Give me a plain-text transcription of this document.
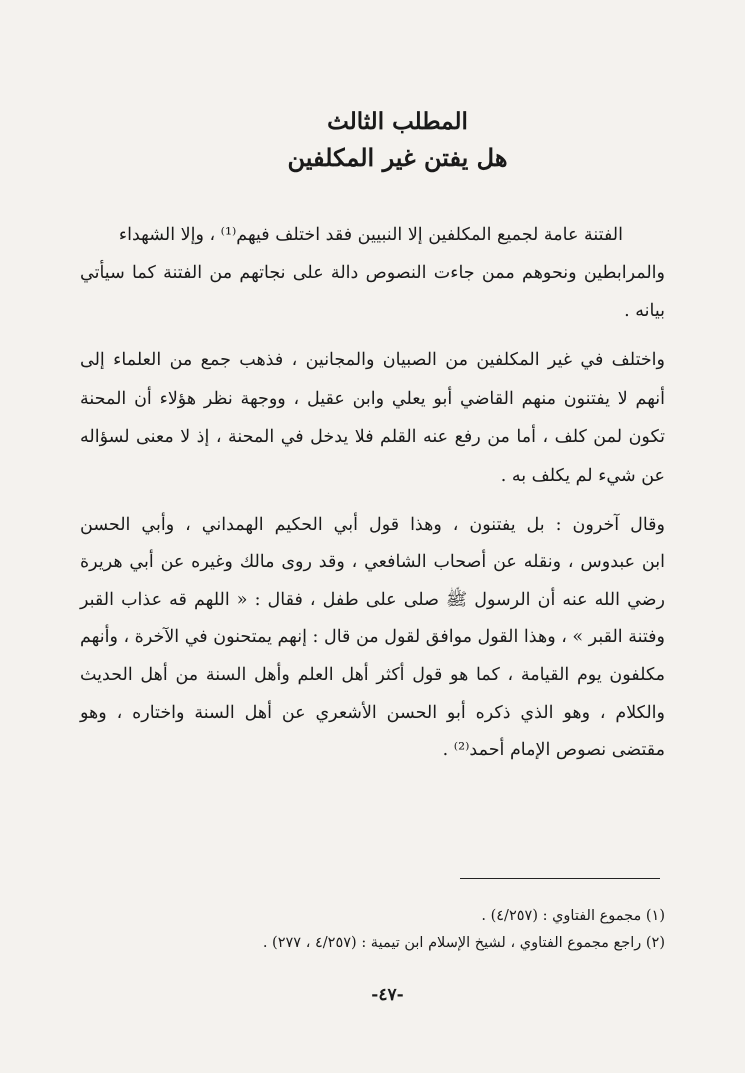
المطلب الثالث
هل يفتن غير المكلفين
الفتنة عامة لجميع المكلفين إلا النبيين فقد اختلف فيهم⁽¹⁾ ، وإلا الشهداء
والمرابطين ونحوهم ممن جاءت النصوص دالة على نجاتهم من الفتنة كما سيأتي
بيانه .
واختلف في غير المكلفين من الصبيان والمجانين ، فذهب جمع من العلماء إلى
أنهم لا يفتنون منهم القاضي أبو يعلي وابن عقيل ، ووجهة نظر هؤلاء أن المحنة
تكون لمن كلف ، أما من رفع عنه القلم فلا يدخل في المحنة ، إذ لا معنى لسؤاله
عن شيء لم يكلف به .
وقال آخرون : بل يفتنون ، وهذا قول أبي الحكيم الهمداني ، وأبي الحسن
ابن عبدوس ، ونقله عن أصحاب الشافعي ، وقد روى مالك وغيره عن أبي هريرة
رضي الله عنه أن الرسول ﷺ صلى على طفل ، فقال : « اللهم قه عذاب القبر
وفتنة القبر » ، وهذا القول موافق لقول من قال : إنهم يمتحنون في الآخرة ، وأنهم
مكلفون يوم القيامة ، كما هو قول أكثر أهل العلم وأهل السنة من أهل الحديث
والكلام ، وهو الذي ذكره أبو الحسن الأشعري عن أهل السنة واختاره ، وهو
مقتضى نصوص الإمام أحمد⁽²⁾ .
(١) مجموع الفتاوي : (٤/٢٥٧) .
(٢) راجع مجموع الفتاوي ، لشيخ الإسلام ابن تيمية : (٤/٢٥٧ ، ٢٧٧) .
-٤٧-
